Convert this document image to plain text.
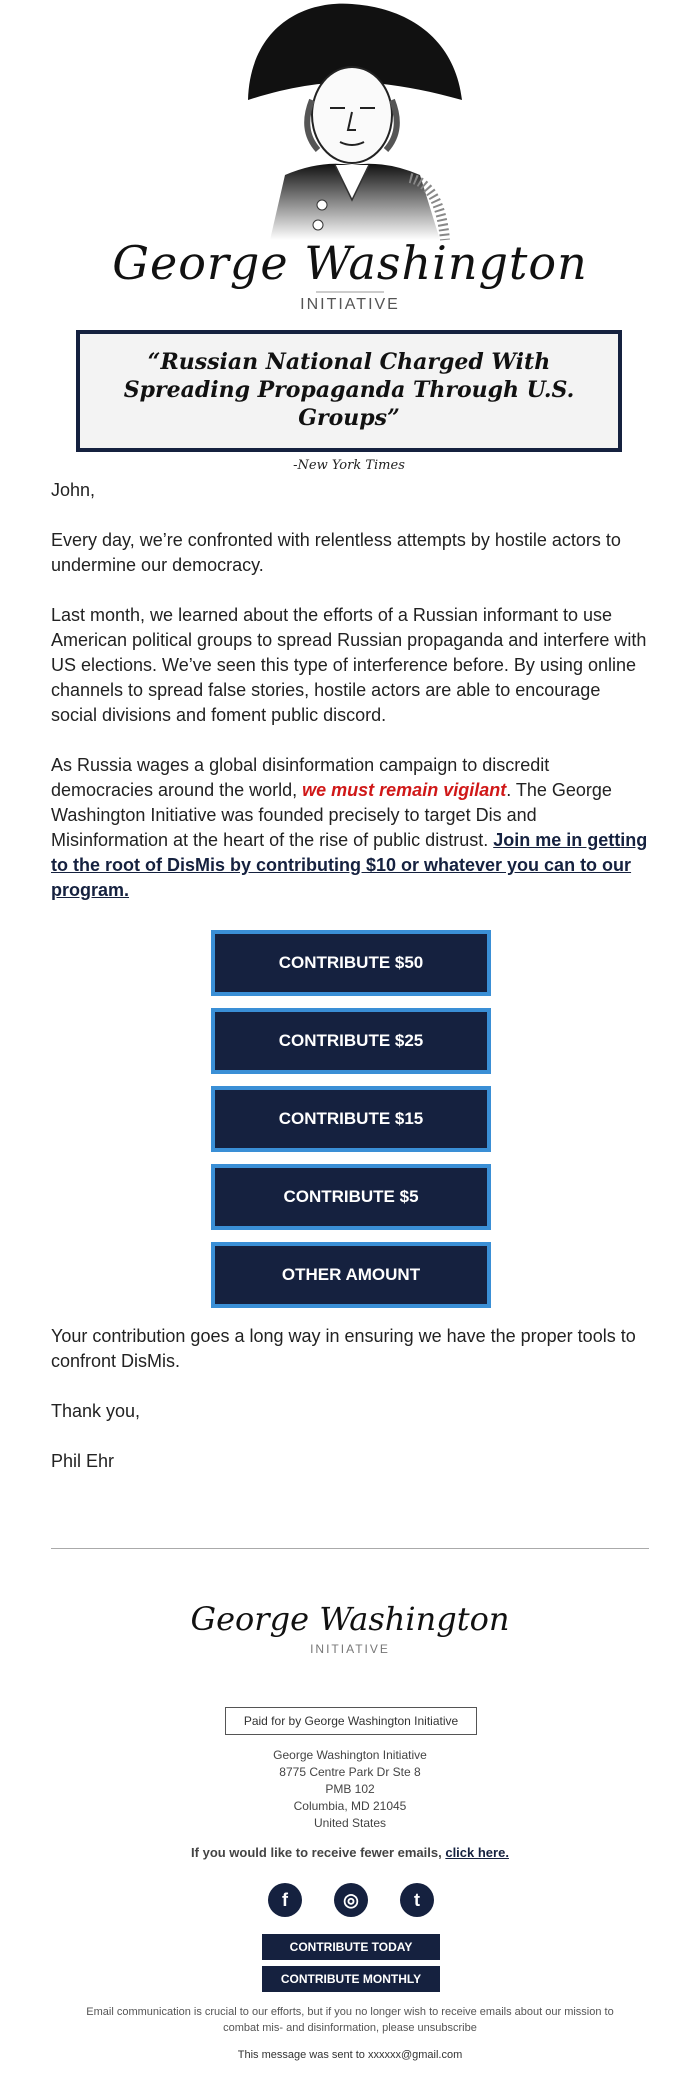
George Washington
INITIATIVE
“Russian National Charged With Spreading Propaganda Through U.S. Groups”
-New York Times

John,

Every day, we’re confronted with relentless attempts by hostile actors to undermine our democracy.

Last month, we learned about the efforts of a Russian informant to use American political groups to spread Russian propaganda and interfere with US elections. We’ve seen this type of interference before. By using online channels to spread false stories, hostile actors are able to encourage social divisions and foment public discord.

As Russia wages a global disinformation campaign to discredit democracies around the world, we must remain vigilant. The George Washington Initiative was founded precisely to target Dis and Misinformation at the heart of the rise of public distrust. Join me in getting to the root of DisMis by contributing $10 or whatever you can to our program.

CONTRIBUTE $50
CONTRIBUTE $25
CONTRIBUTE $15
CONTRIBUTE $5
OTHER AMOUNT

Your contribution goes a long way in ensuring we have the proper tools to confront DisMis.

Thank you,

Phil Ehr

George Washington
INITIATIVE
Paid for by George Washington Initiative
George Washington Initiative
8775 Centre Park Dr Ste 8
PMB 102
Columbia, MD 21045
United States
If you would like to receive fewer emails, click here.
f	◎	t
CONTRIBUTE TODAY
CONTRIBUTE MONTHLY
Email communication is crucial to our efforts, but if you no longer wish to receive emails about our mission to combat mis- and disinformation, please unsubscribe
This message was sent to xxxxxx@gmail.com
